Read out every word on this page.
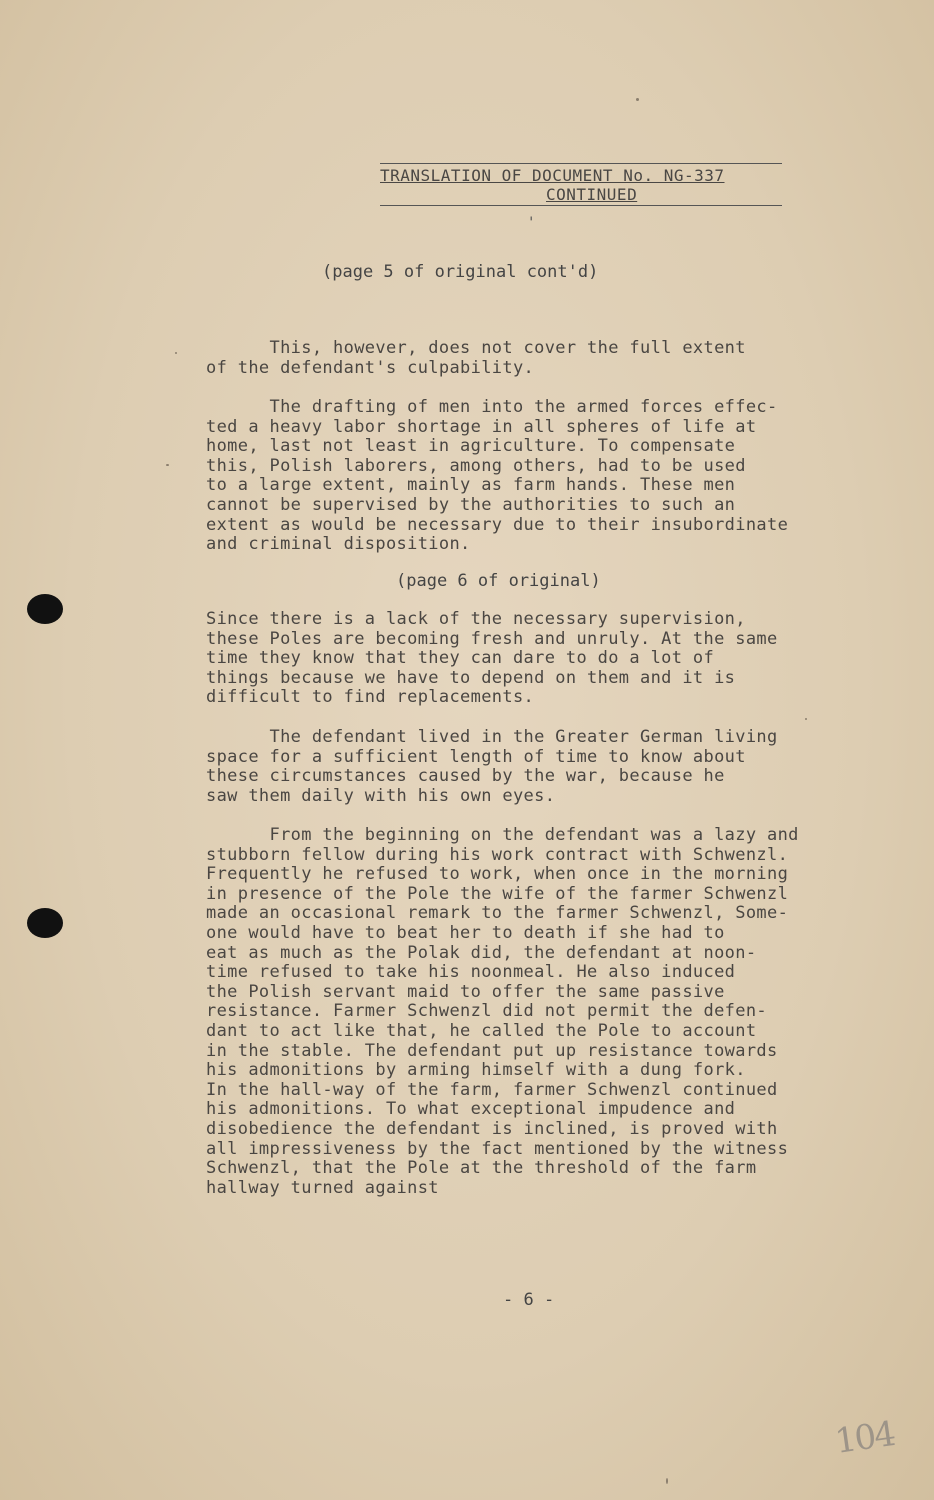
TRANSLATION OF DOCUMENT No. NG-337
CONTINUED
'
(page 5 of original cont'd)
This, however, does not cover the full extent
of the defendant's culpability.
The drafting of men into the armed forces effec-
ted a heavy labor shortage in all spheres of life at
home, last not least in agriculture. To compensate
this, Polish laborers, among others, had to be used
to a large extent, mainly as farm hands. These men
cannot be supervised by the authorities to such an
extent as would be necessary due to their insubordinate
and criminal disposition.
(page 6 of original)
Since there is a lack of the necessary supervision,
these Poles are becoming fresh and unruly. At the same
time they know that they can dare to do a lot of
things because we have to depend on them and it is
difficult to find replacements.
The defendant lived in the Greater German living
space for a sufficient length of time to know about
these circumstances caused by the war, because he
saw them daily with his own eyes.
From the beginning on the defendant was a lazy and
stubborn fellow during his work contract with Schwenzl.
Frequently he refused to work, when once in the morning
in presence of the Pole the wife of the farmer Schwenzl
made an occasional remark to the farmer Schwenzl, Some-
one would have to beat her to death if she had to
eat as much as the Polak did, the defendant at noon-
time refused to take his noonmeal. He also induced
the Polish servant maid to offer the same passive
resistance. Farmer Schwenzl did not permit the defen-
dant to act like that, he called the Pole to account
in the stable. The defendant put up resistance towards
his admonitions by arming himself with a dung fork.
In the hall-way of the farm, farmer Schwenzl continued
his admonitions. To what exceptional impudence and
disobedience the defendant is inclined, is proved with
all impressiveness by the fact mentioned by the witness
Schwenzl, that the Pole at the threshold of the farm
hallway turned against
- 6 -
104
